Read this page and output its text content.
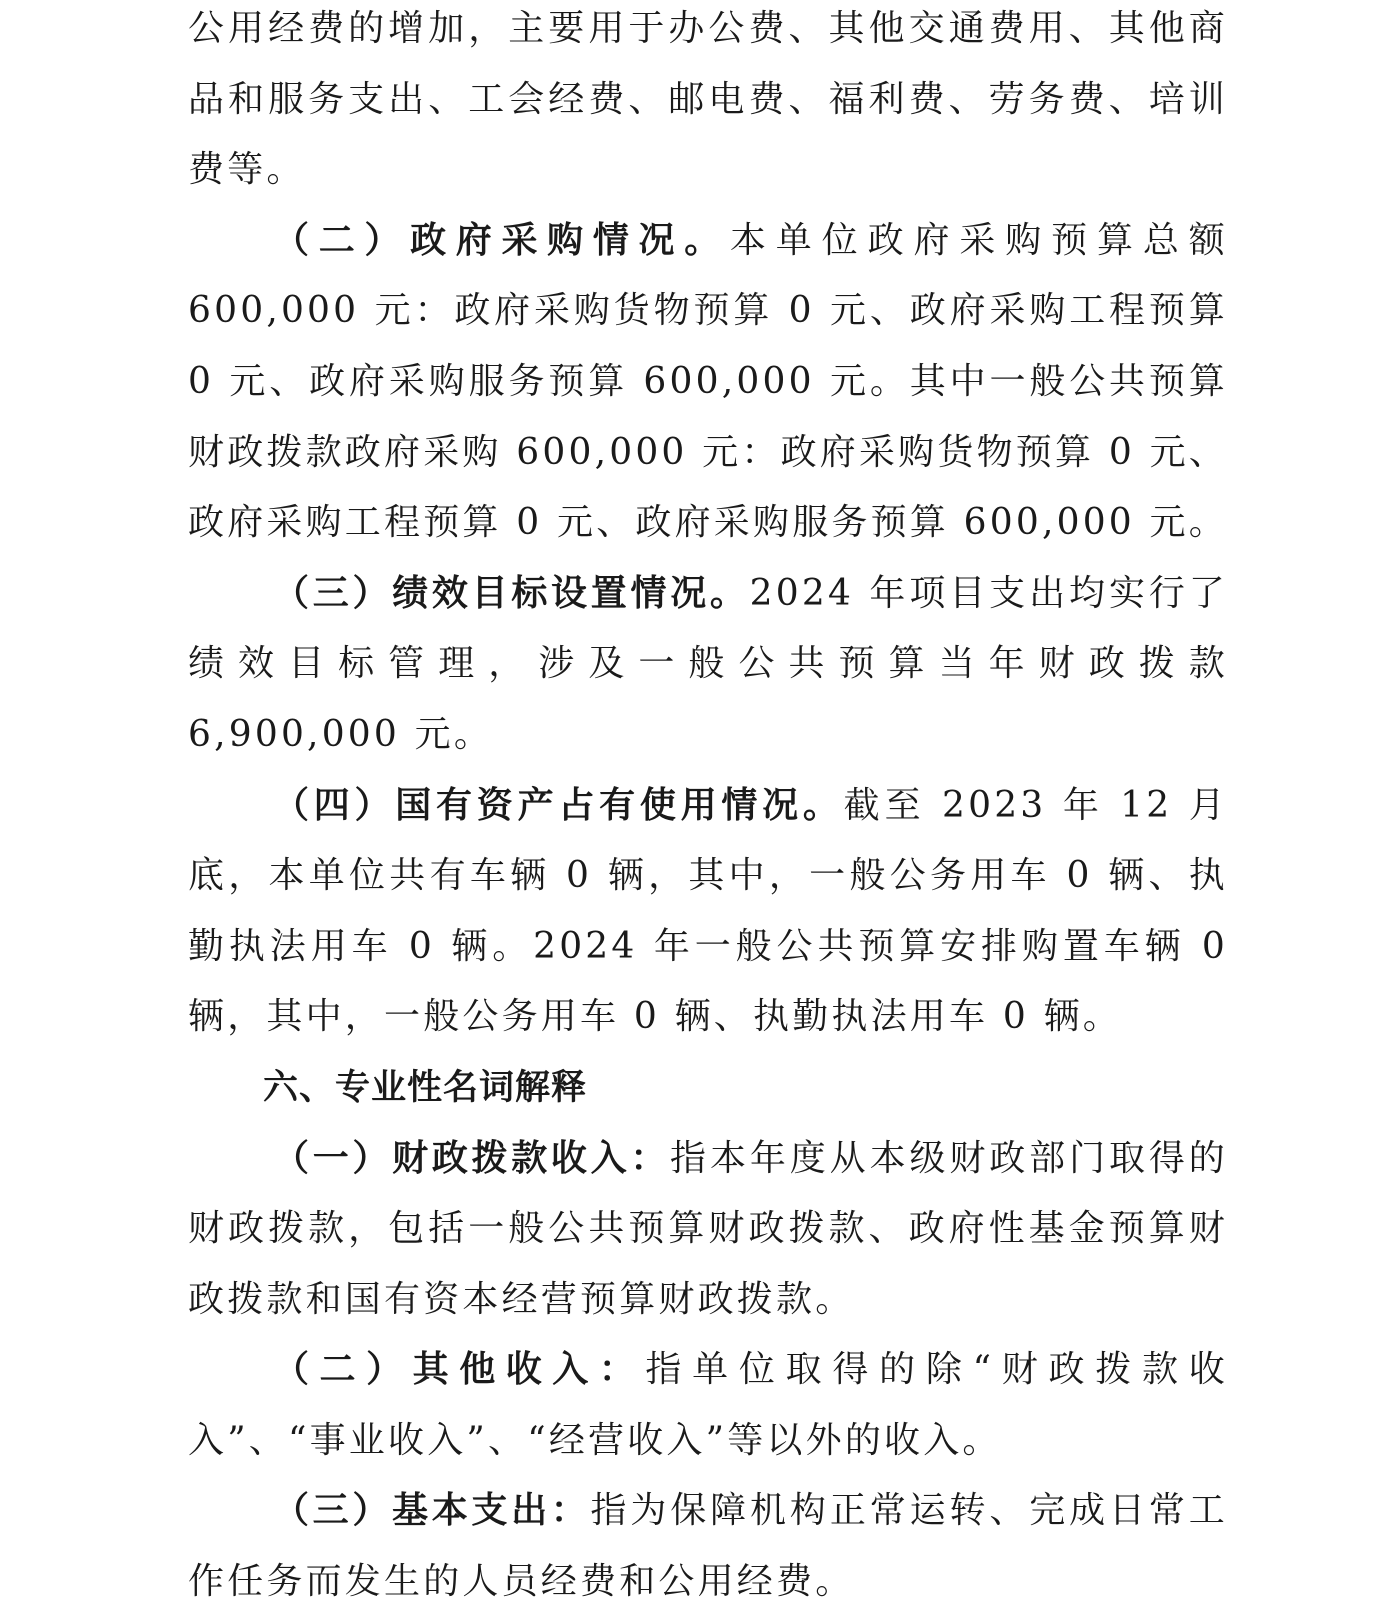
公用经费的增加，主要用于办公费、其他交通费用、其他商品和服务支出、工会经费、邮电费、福利费、劳务费、培训费等。

（二）政府采购情况。本单位政府采购预算总额 600,000 元：政府采购货物预算 0 元、政府采购工程预算 0 元、政府采购服务预算 600,000 元。其中一般公共预算财政拨款政府采购 600,000 元：政府采购货物预算 0 元、政府采购工程预算 0 元、政府采购服务预算 600,000 元。

（三）绩效目标设置情况。2024 年项目支出均实行了绩效目标管理，涉及一般公共预算当年财政拨款 6,900,000 元。

（四）国有资产占有使用情况。截至 2023 年 12 月底，本单位共有车辆 0 辆，其中，一般公务用车 0 辆、执勤执法用车 0 辆。2024 年一般公共预算安排购置车辆 0 辆，其中，一般公务用车 0 辆、执勤执法用车 0 辆。

六、专业性名词解释

（一）财政拨款收入：指本年度从本级财政部门取得的财政拨款，包括一般公共预算财政拨款、政府性基金预算财政拨款和国有资本经营预算财政拨款。

（二）其他收入：指单位取得的除“财政拨款收入”、“事业收入”、“经营收入”等以外的收入。

（三）基本支出：指为保障机构正常运转、完成日常工作任务而发生的人员经费和公用经费。
